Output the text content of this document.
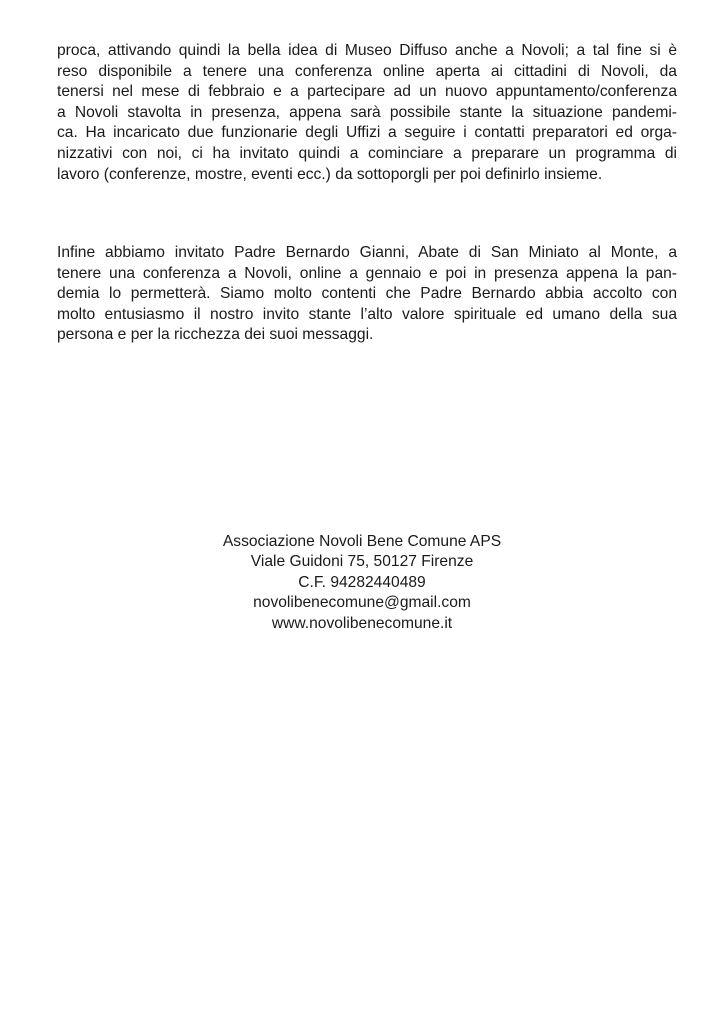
proca, attivando quindi la bella idea di Museo Diffuso anche a Novoli; a tal fine si è
reso disponibile a tenere una conferenza online aperta ai cittadini di Novoli, da
tenersi nel mese di febbraio e a partecipare ad un nuovo appuntamento/conferenza
a Novoli stavolta in presenza, appena sarà possibile stante la situazione pandemi-
ca. Ha incaricato due funzionarie degli Uffizi a seguire i contatti preparatori ed orga-
nizzativi con noi, ci ha invitato quindi a cominciare a preparare un programma di
lavoro (conferenze, mostre, eventi ecc.) da sottoporgli per poi definirlo insieme.
Infine abbiamo invitato Padre Bernardo Gianni, Abate di San Miniato al Monte, a
tenere una conferenza a Novoli, online a gennaio e poi in presenza appena la pan-
demia lo permetterà. Siamo molto contenti che Padre Bernardo abbia accolto con
molto entusiasmo il nostro invito stante l’alto valore spirituale ed umano della sua
persona e per la ricchezza dei suoi messaggi.
Associazione Novoli Bene Comune APS
Viale Guidoni 75, 50127 Firenze
C.F. 94282440489
novolibenecomune@gmail.com
www.novolibenecomune.it
